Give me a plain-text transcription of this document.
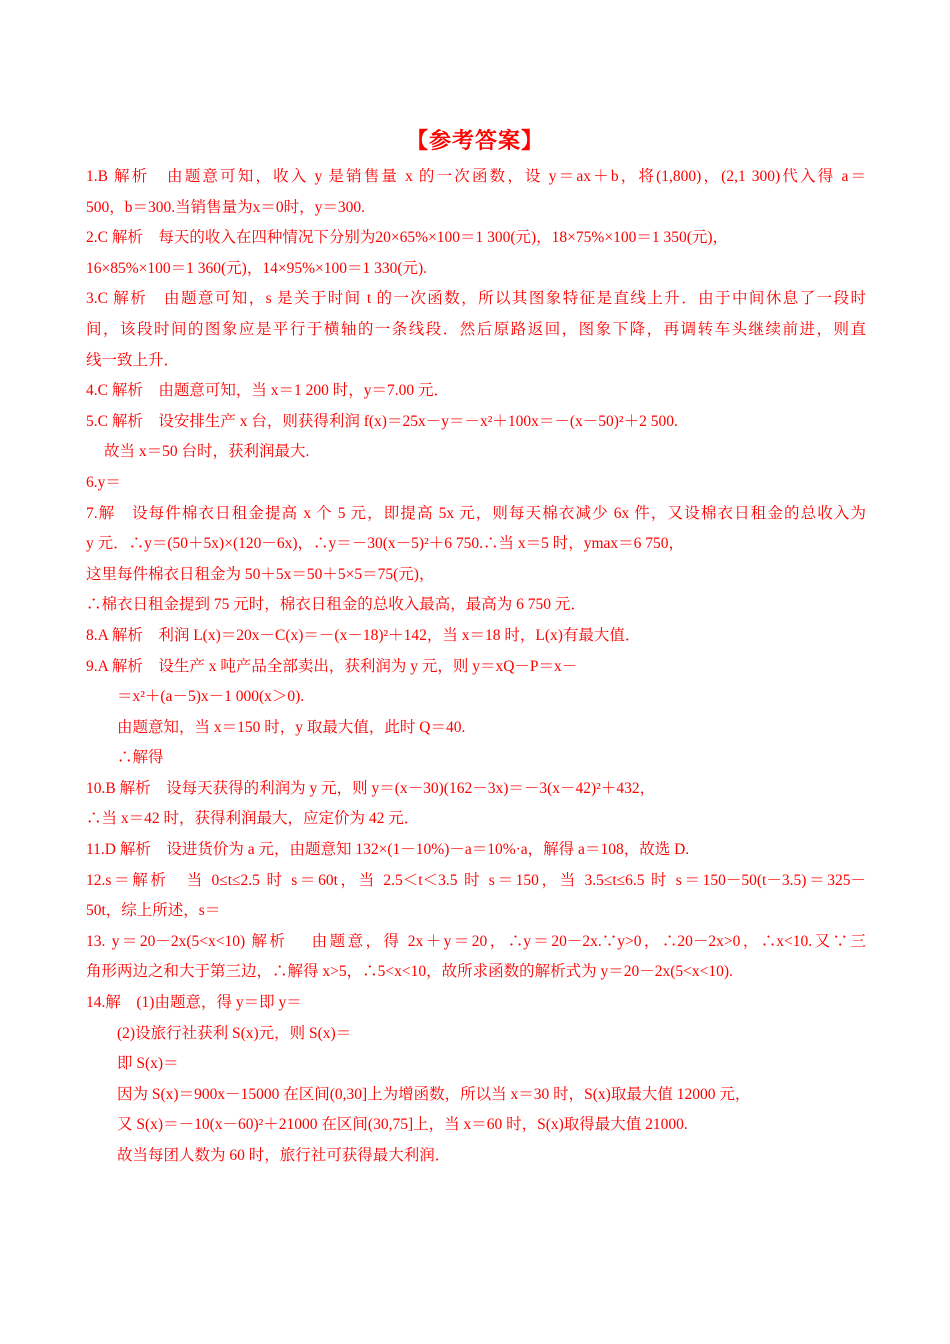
【参考答案】
1.B 解析　由题意可知，收入 y 是销售量 x 的一次函数，设 y＝ax＋b，将(1,800)，(2,1 300)代入得 a＝
500，b＝300.当销售量为x＝0时，y＝300.
2.C 解析　每天的收入在四种情况下分别为20×65%×100＝1 300(元)，18×75%×100＝1 350(元)，
16×85%×100＝1 360(元)，14×95%×100＝1 330(元).
3.C 解析　由题意可知，s 是关于时间 t 的一次函数，所以其图象特征是直线上升．由于中间休息了一段时
间，该段时间的图象应是平行于横轴的一条线段．然后原路返回，图象下降，再调转车头继续前进，则直
线一致上升．
4.C 解析　由题意可知，当 x＝1 200 时，y＝7.00 元．
5.C 解析　设安排生产 x 台，则获得利润 f(x)＝25x－y＝－x²＋100x＝－(x－50)²＋2 500.
故当 x＝50 台时，获利润最大.
6.y＝
7.解　设每件棉衣日租金提高 x 个 5 元，即提高 5x 元，则每天棉衣减少 6x 件，又设棉衣日租金的总收入为
y 元．∴y＝(50＋5x)×(120－6x)，∴y＝－30(x－5)²＋6 750.∴当 x＝5 时，ymax＝6 750，
这里每件棉衣日租金为 50＋5x＝50＋5×5＝75(元)，
∴棉衣日租金提到 75 元时，棉衣日租金的总收入最高，最高为 6 750 元．
8.A 解析　利润 L(x)＝20x－C(x)＝－(x－18)²＋142，当 x＝18 时，L(x)有最大值．
9.A 解析　设生产 x 吨产品全部卖出，获利润为 y 元，则 y＝xQ－P＝x－
＝x²＋(a－5)x－1 000(x＞0).
由题意知，当 x＝150 时，y 取最大值，此时 Q＝40.
∴解得
10.B 解析　设每天获得的利润为 y 元，则 y＝(x－30)(162－3x)＝－3(x－42)²＋432，
∴当 x＝42 时，获得利润最大，应定价为 42 元．
11.D 解析　设进货价为 a 元，由题意知 132×(1－10%)－a＝10%·a，解得 a＝108，故选 D.
12.s＝解析　当 0≤t≤2.5 时 s＝60t，当 2.5＜t＜3.5 时 s＝150，当 3.5≤t≤6.5 时 s＝150－50(t－3.5)＝325－
50t，综上所述，s＝
13. y＝20－2x(5<x<10) 解析　 由题意，得 2x＋y＝20，∴y＝20－2x.∵y>0，∴20－2x>0，∴x<10.又∵三
角形两边之和大于第三边，∴解得 x>5，∴5<x<10，故所求函数的解析式为 y＝20－2x(5<x<10).
14.解　(1)由题意，得 y＝即 y＝
(2)设旅行社获利 S(x)元，则 S(x)＝
即 S(x)＝
因为 S(x)＝900x－15000 在区间(0,30]上为增函数，所以当 x＝30 时，S(x)取最大值 12000 元，
又 S(x)＝－10(x－60)²＋21000 在区间(30,75]上，当 x＝60 时，S(x)取得最大值 21000.
故当每团人数为 60 时，旅行社可获得最大利润．
